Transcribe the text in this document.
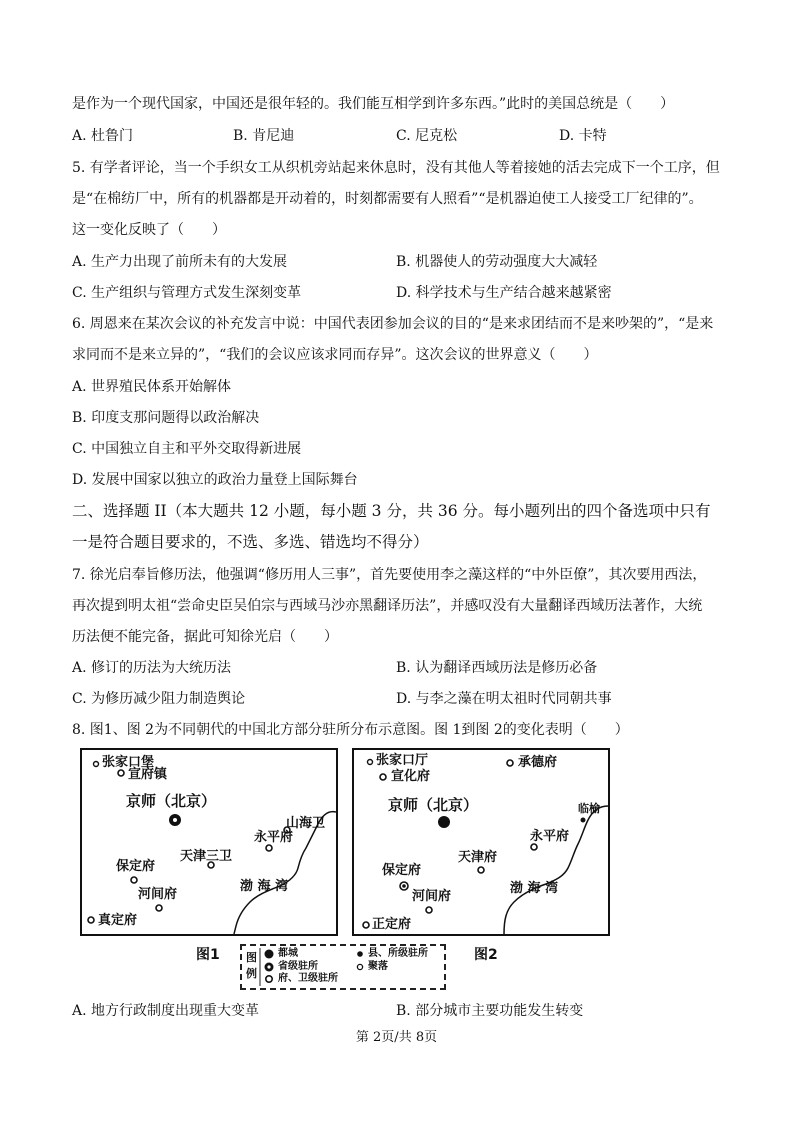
是作为一个现代国家，中国还是很年轻的。我们能互相学到许多东西。”此时的美国总统是（　　）
A. 杜鲁门	B. 肯尼迪	C. 尼克松	D. 卡特
5. 有学者评论，当一个手织女工从织机旁站起来休息时，没有其他人等着接她的活去完成下一个工序，但
是“在棉纺厂中，所有的机器都是开动着的，时刻都需要有人照看”“是机器迫使工人接受工厂纪律的”。
这一变化反映了（　　）
A. 生产力出现了前所未有的大发展	B. 机器使人的劳动强度大大减轻
C. 生产组织与管理方式发生深刻变革	D. 科学技术与生产结合越来越紧密
6. 周恩来在某次会议的补充发言中说：中国代表团参加会议的目的“是来求团结而不是来吵架的”，“是来
求同而不是来立异的”，“我们的会议应该求同而存异”。这次会议的世界意义（　　）
A. 世界殖民体系开始解体
B. 印度支那问题得以政治解决
C. 中国独立自主和平外交取得新进展
D. 发展中国家以独立的政治力量登上国际舞台
二、选择题 II（本大题共 12 小题，每小题 3 分，共 36 分。每小题列出的四个备选项中只有
一是符合题目要求的，不选、多选、错选均不得分）
7. 徐光启奉旨修历法，他强调“修历用人三事”，首先要使用李之藻这样的“中外臣僚”，其次要用西法，
再次提到明太祖“尝命史臣吴伯宗与西域马沙亦黑翻译历法”，并感叹没有大量翻译西域历法著作，大统
历法便不能完备，据此可知徐光启（　　）
A. 修订的历法为大统历法	B. 认为翻译西域历法是修历必备
C. 为修历减少阻力制造舆论	D. 与李之藻在明太祖时代同朝共事
8. 图1、图 2为不同朝代的中国北方部分驻所分布示意图。图 1到图 2的变化表明（　　）
张家口堡
宣府镇
京师（北京）
山海卫
永平府
天津三卫
保定府
河间府
渤 海 湾
真定府
图1
张家口厅
宣化府
承德府
京师（北京）	临榆
永平府
天津府
保定府
河间府
渤 海 湾
正定府
图2
图例
都城
省级驻所
府、卫级驻所
县、所级驻所
聚落
A. 地方行政制度出现重大变革	B. 部分城市主要功能发生转变
第 2页/共 8页
